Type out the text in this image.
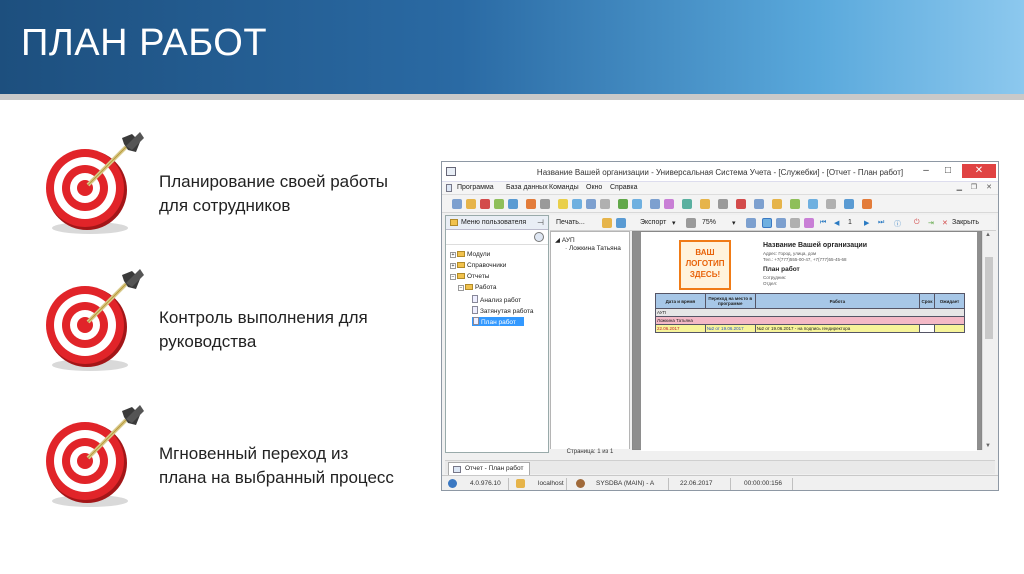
ПЛАН РАБОТ
Планирование своей работы
для сотрудников
Контроль выполнения для
руководства
Мгновенный переход из
плана на выбранный процесс
Название Вашей организации - Универсальная Система Учета - [Служебки] - [Отчет - План работ]	–	□	✕
Программа База данных Команды Окно Справка	▁ ❐ ✕
Меню пользователя ⊣
+ Модули
+ Справочники
− Отчеты
− Работа
Анализ работ
Затянутая работа
План работ
Печать...	Экспорт ▾	75% ▾	⏮ ◀ 1 ▶ ⏭ ⓘ ⏻ ⇥ ✕ Закрыть
◢ АУП
· Ложкина Татьяна	ВАШ
ЛОГОТИП
ЗДЕСЬ!
Название Вашей организации
Адрес: Город, улица, дом
Тел.: +7(777)555-00-47, +7(777)55-45-68
План работ
Сотрудник:
Отдел:
Дата и время	Переход на место в программе	Работа	Срок	Ожидает
АУП				
Ложкина Татьяна				
22.06.2017	№2 от 19.06.2017	№2 от 19.06.2017 - на подпись гендиректора		
▲
▼
Страница: 1 из 1
Отчет - План работ
4.0.976.10	localhost	SYSDBA (MAIN) - A	22.06.2017	00:00:00:156
